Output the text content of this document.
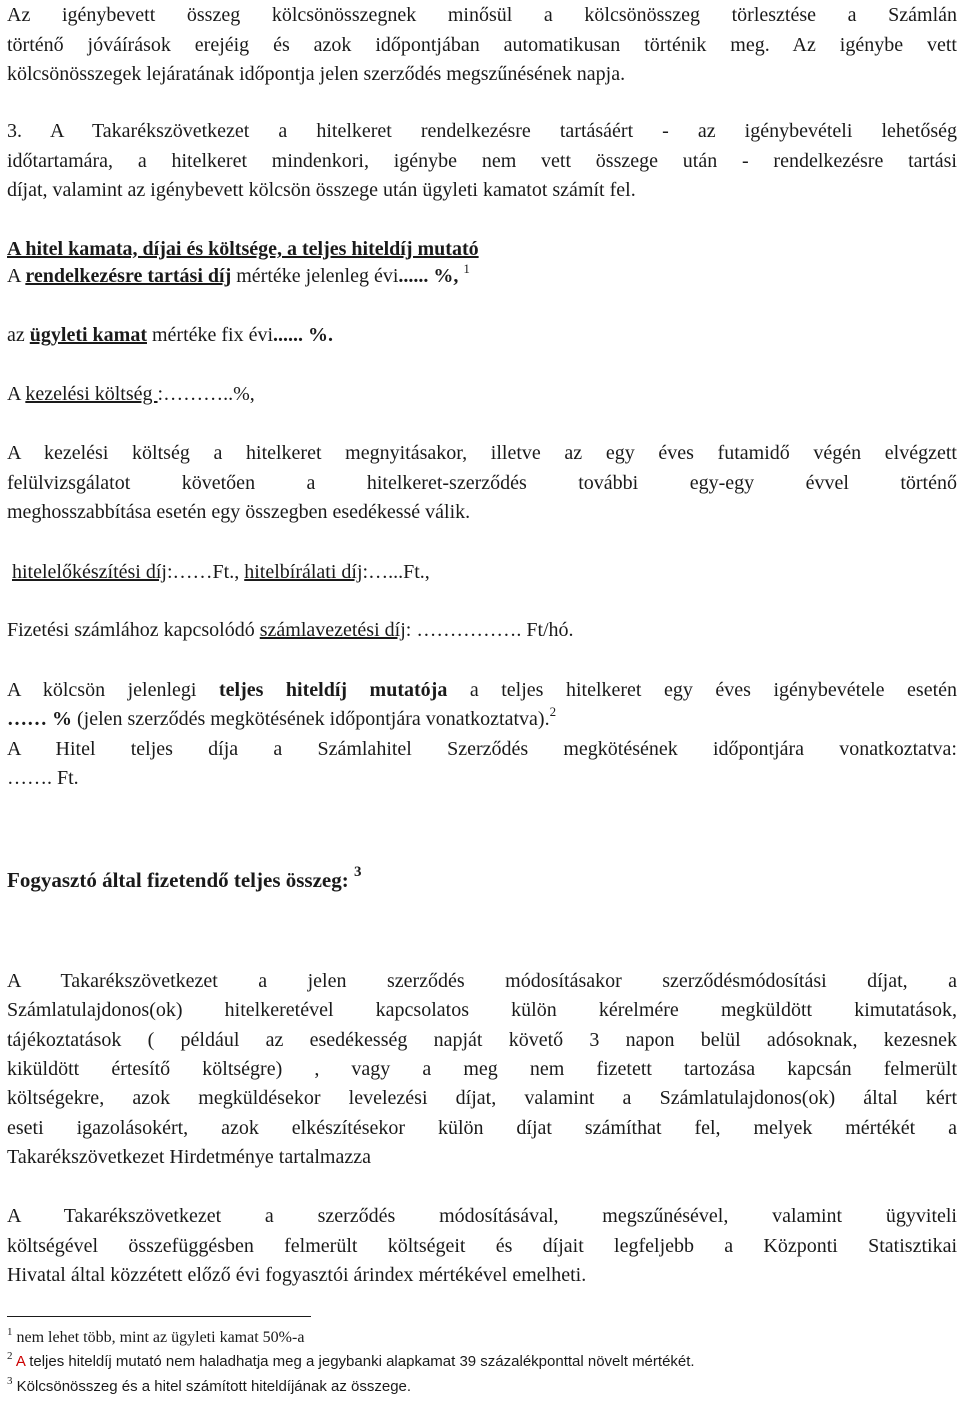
Az igénybevett összeg kölcsönösszegnek minősül a kölcsönösszeg törlesztése a Számlán
történő jóváírások erejéig és azok időpontjában automatikusan történik meg. Az igénybe vett
kölcsönösszegek lejáratának időpontja jelen szerződés megszűnésének napja.
3. A Takarékszövetkezet a hitelkeret rendelkezésre tartásáért - az igénybevételi lehetőség
időtartamára, a hitelkeret mindenkori, igénybe nem vett összege után - rendelkezésre tartási
díjat, valamint az igénybevett kölcsön összege után ügyleti kamatot számít fel.
A hitel kamata, díjai és költsége, a teljes hiteldíj mutató
A rendelkezésre tartási díj mértéke jelenleg évi...... %, $^1$
az ügyleti kamat mértéke fix évi...... %.
A kezelési költség :………..%,
A kezelési költség a hitelkeret megnyitásakor, illetve az egy éves futamidő végén elvégzett
felülvizsgálatot követően a hitelkeret-szerződés további egy-egy évvel történő
meghosszabbítása esetén egy összegben esedékessé válik.
hitelelőkészítési díj:……Ft., hitelbírálati díj:…...Ft.,
Fizetési számlához kapcsolódó számlavezetési díj: ……………. Ft/hó.
A kölcsön jelenlegi teljes hiteldíj mutatója a teljes hitelkeret egy éves igénybevétele esetén
…… % (jelen szerződés megkötésének időpontjára vonatkoztatva).$^2$
A Hitel teljes díja a Számlahitel Szerződés megkötésének időpontjára vonatkoztatva:
……. Ft.
Fogyasztó által fizetendő teljes összeg: $^3$
A Takarékszövetkezet a jelen szerződés módosításakor szerződésmódosítási díjat, a
Számlatulajdonos(ok) hitelkeretével kapcsolatos külön kérelmére megküldött kimutatások,
tájékoztatások ( például az esedékesség napját követő 3 napon belül adósoknak, kezesnek
kiküldött értesítő költségre) , vagy a meg nem fizetett tartozása kapcsán felmerült
költségekre, azok megküldésekor levelezési díjat, valamint a Számlatulajdonos(ok) által kért
eseti igazolásokért, azok elkészítésekor külön díjat számíthat fel, melyek mértékét a
Takarékszövetkezet Hirdetménye tartalmazza
A Takarékszövetkezet a szerződés módosításával, megszűnésével, valamint ügyviteli
költségével összefüggésben felmerült költségeit és díjait legfeljebb a Központi Statisztikai
Hivatal által közzétett előző évi fogyasztói árindex mértékével emelheti.
$^1$ nem lehet több, mint az ügyleti kamat 50%-a
$^2$ A teljes hiteldíj mutató nem haladhatja meg a jegybanki alapkamat 39 százalékponttal növelt mértékét.
$^3$ Kölcsönösszeg és a hitel számított hiteldíjának az összege.
